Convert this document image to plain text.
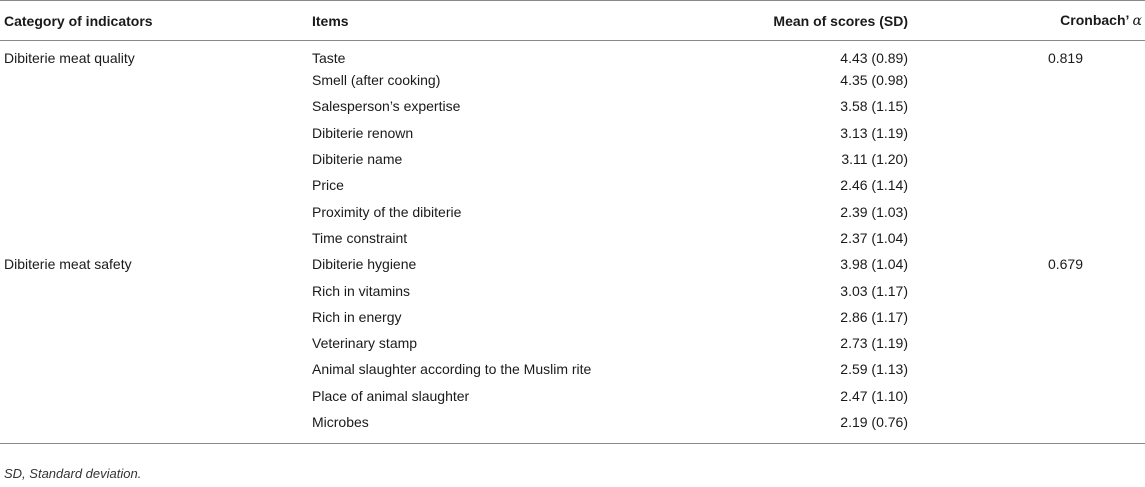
Category of indicators	Items	Mean of scores (SD)	Cronbach’ α
Dibiterie meat quality	Taste	4.43 (0.89)	0.819
	Smell (after cooking)	4.35 (0.98)	
	Salesperson’s expertise	3.58 (1.15)	
	Dibiterie renown	3.13 (1.19)	
	Dibiterie name	3.11 (1.20)	
	Price	2.46 (1.14)	
	Proximity of the dibiterie	2.39 (1.03)	
	Time constraint	2.37 (1.04)	
Dibiterie meat safety	Dibiterie hygiene	3.98 (1.04)	0.679
	Rich in vitamins	3.03 (1.17)	
	Rich in energy	2.86 (1.17)	
	Veterinary stamp	2.73 (1.19)	
	Animal slaughter according to the Muslim rite	2.59 (1.13)	
	Place of animal slaughter	2.47 (1.10)	
	Microbes	2.19 (0.76)	
SD, Standard deviation.
